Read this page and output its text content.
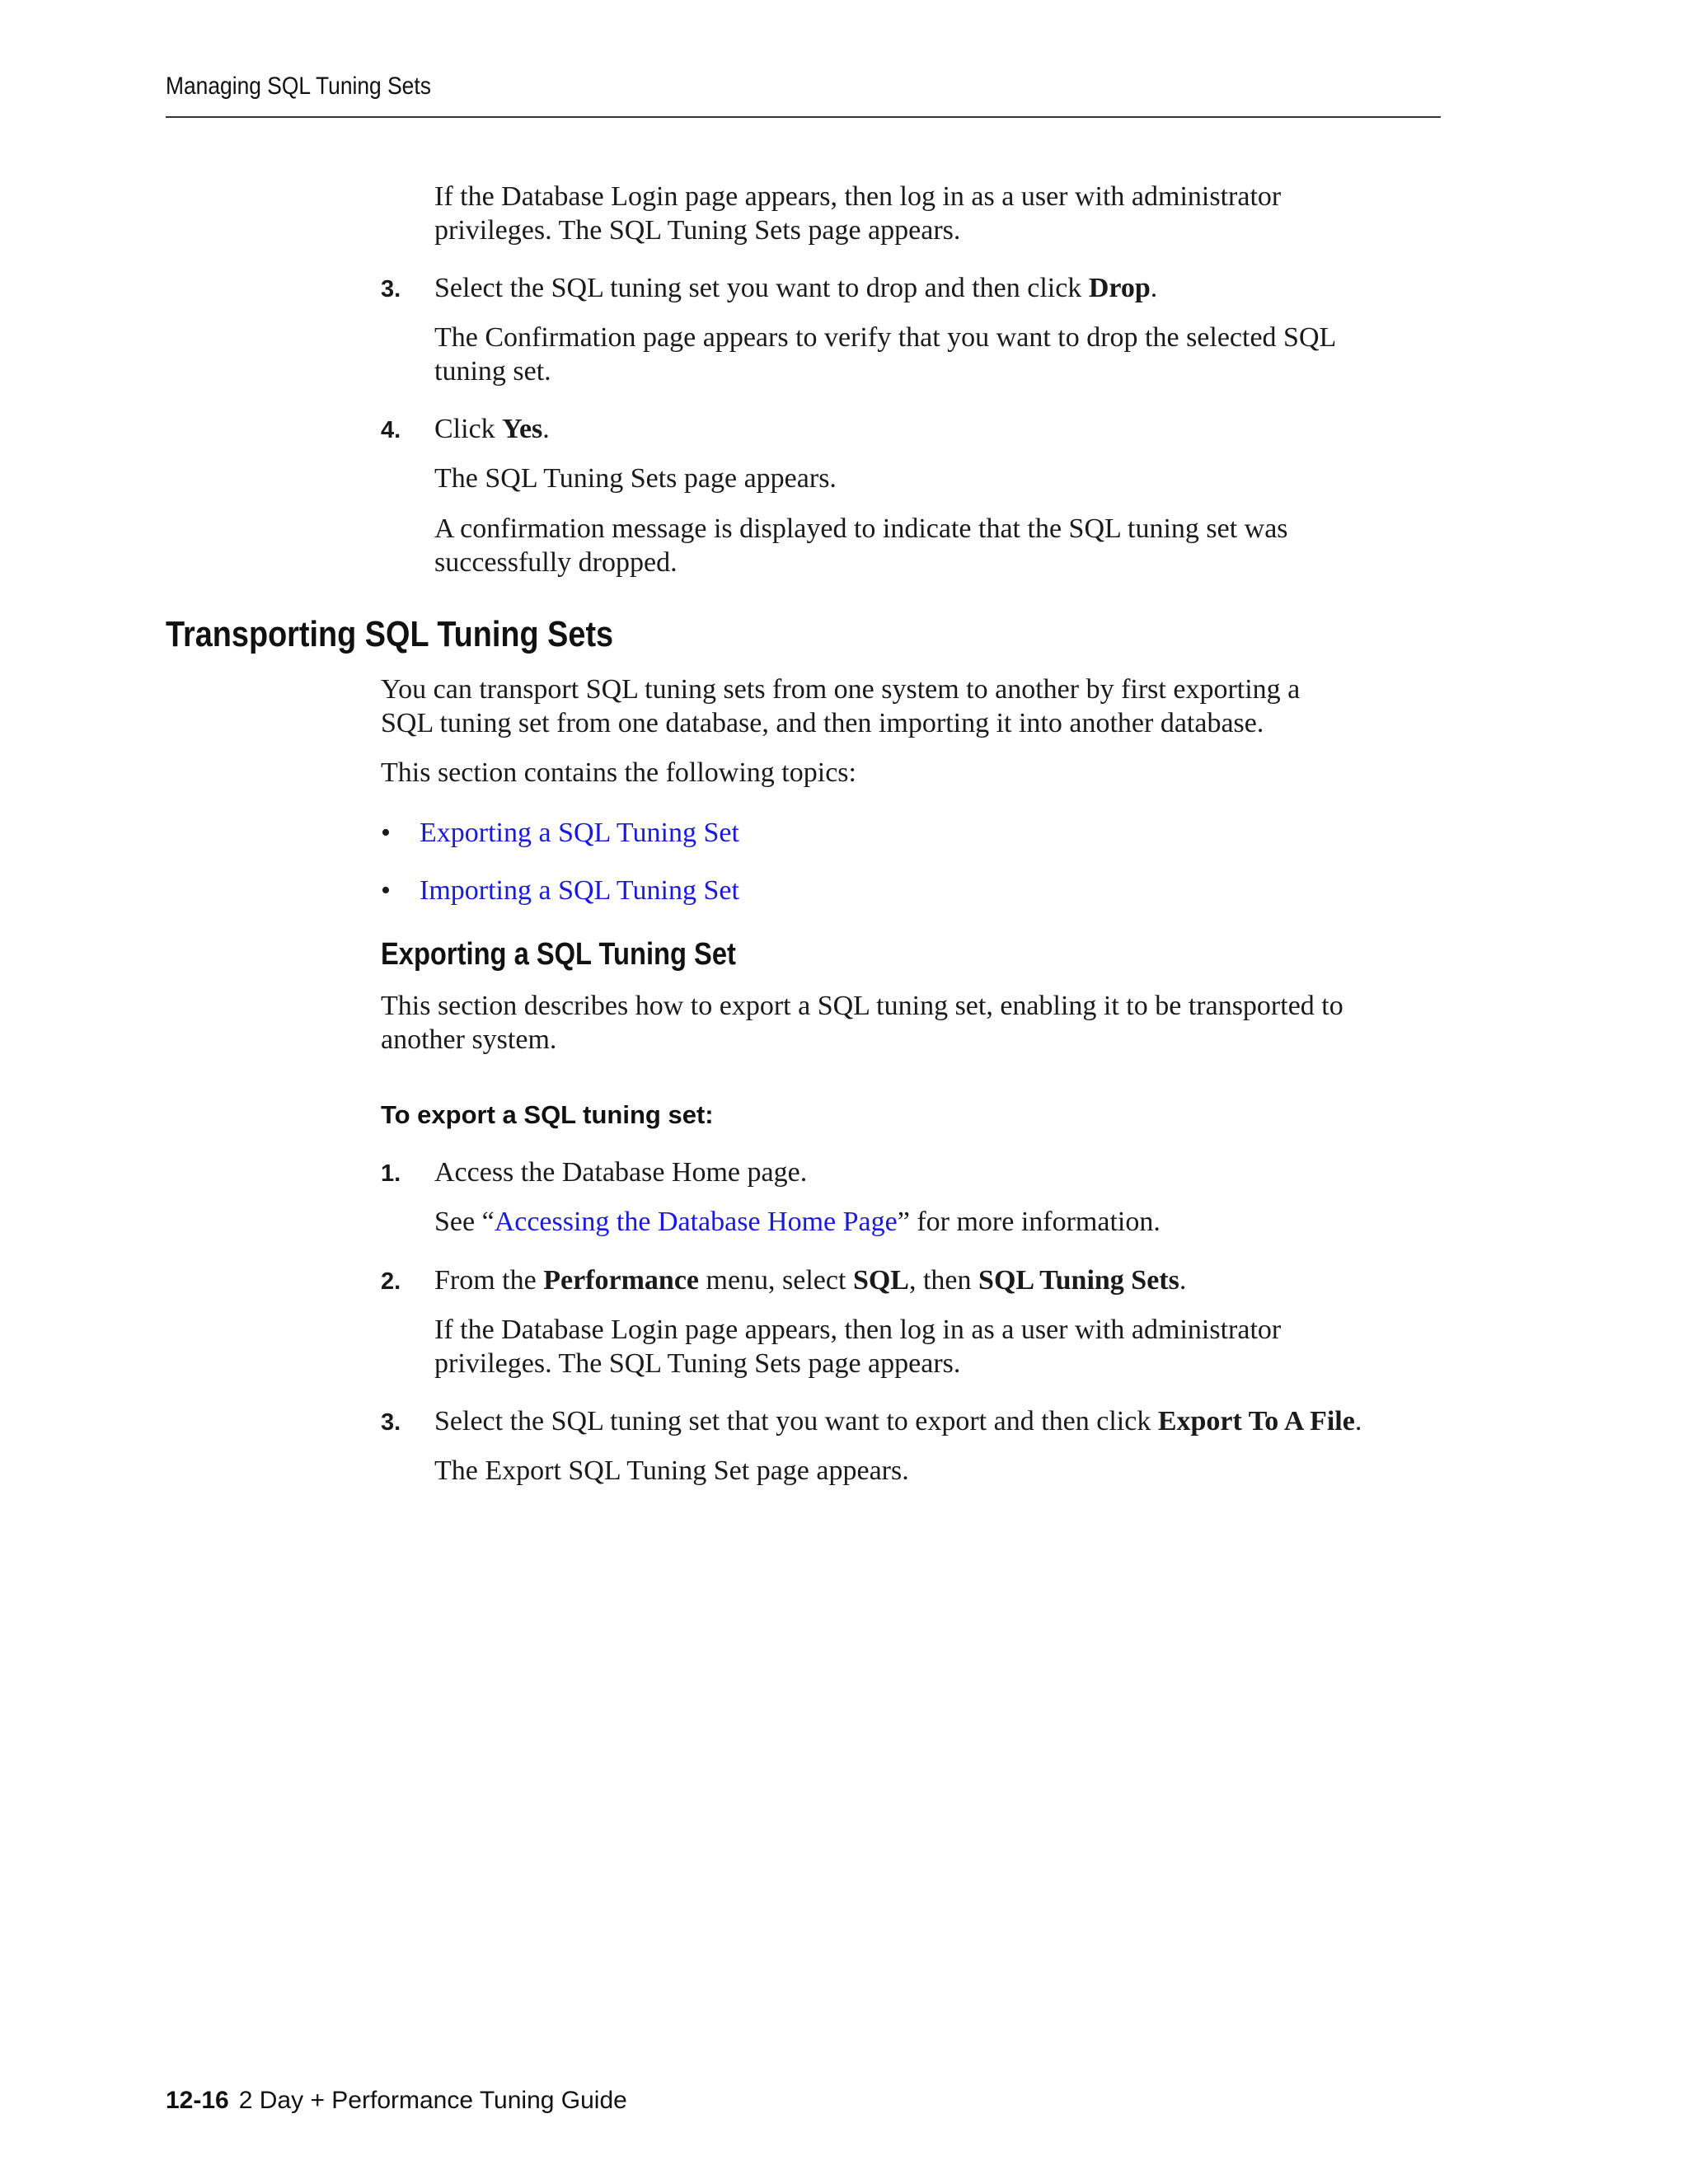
Managing SQL Tuning Sets

If the Database Login page appears, then log in as a user with administrator

privileges. The SQL Tuning Sets page appears.

3. Select the SQL tuning set you want to drop and then click Drop.

The Confirmation page appears to verify that you want to drop the selected SQL

tuning set.

4. Click Yes.

The SQL Tuning Sets page appears.

A confirmation message is displayed to indicate that the SQL tuning set was

successfully dropped.

Transporting SQL Tuning Sets

You can transport SQL tuning sets from one system to another by first exporting a

SQL tuning set from one database, and then importing it into another database.

This section contains the following topics:

• Exporting a SQL Tuning Set
• Importing a SQL Tuning Set
Exporting a SQL Tuning Set

This section describes how to export a SQL tuning set, enabling it to be transported to

another system.

To export a SQL tuning set:
1. Access the Database Home page.

See “Accessing the Database Home Page” for more information.

2. From the Performance menu, select SQL, then SQL Tuning Sets.

If the Database Login page appears, then log in as a user with administrator

privileges. The SQL Tuning Sets page appears.

3. Select the SQL tuning set that you want to export and then click Export To A File.

The Export SQL Tuning Set page appears.

12-16 2 Day + Performance Tuning Guide
